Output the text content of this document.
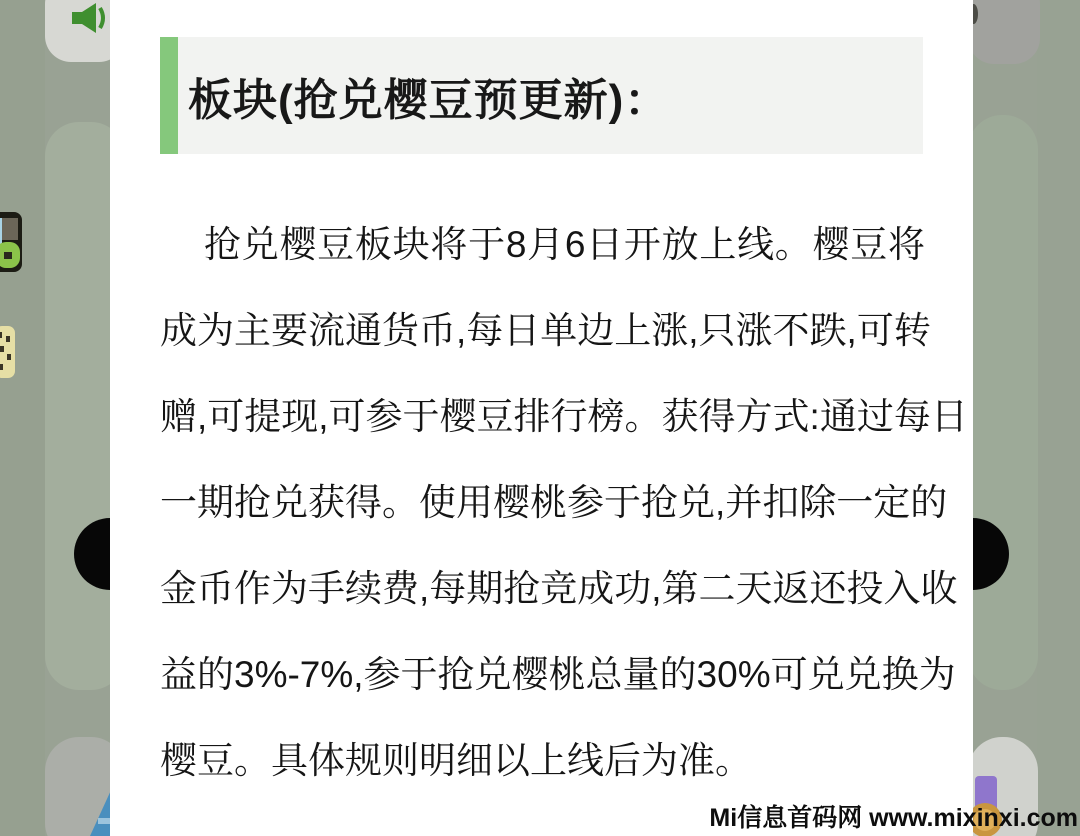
板块(抢兑樱豆预更新)：
抢兑樱豆板块将于8月6日开放上线。樱豆将
成为主要流通货币,每日单边上涨,只涨不跌,可转
赠,可提现,可参于樱豆排行榜。获得方式:通过每日
一期抢兑获得。使用樱桃参于抢兑,并扣除一定的
金币作为手续费,每期抢竞成功,第二天返还投入收
益的3%-7%,参于抢兑樱桃总量的30%可兑兑换为
樱豆。具体规则明细以上线后为准。
Mi信息首码网 www.mixinxi.com
